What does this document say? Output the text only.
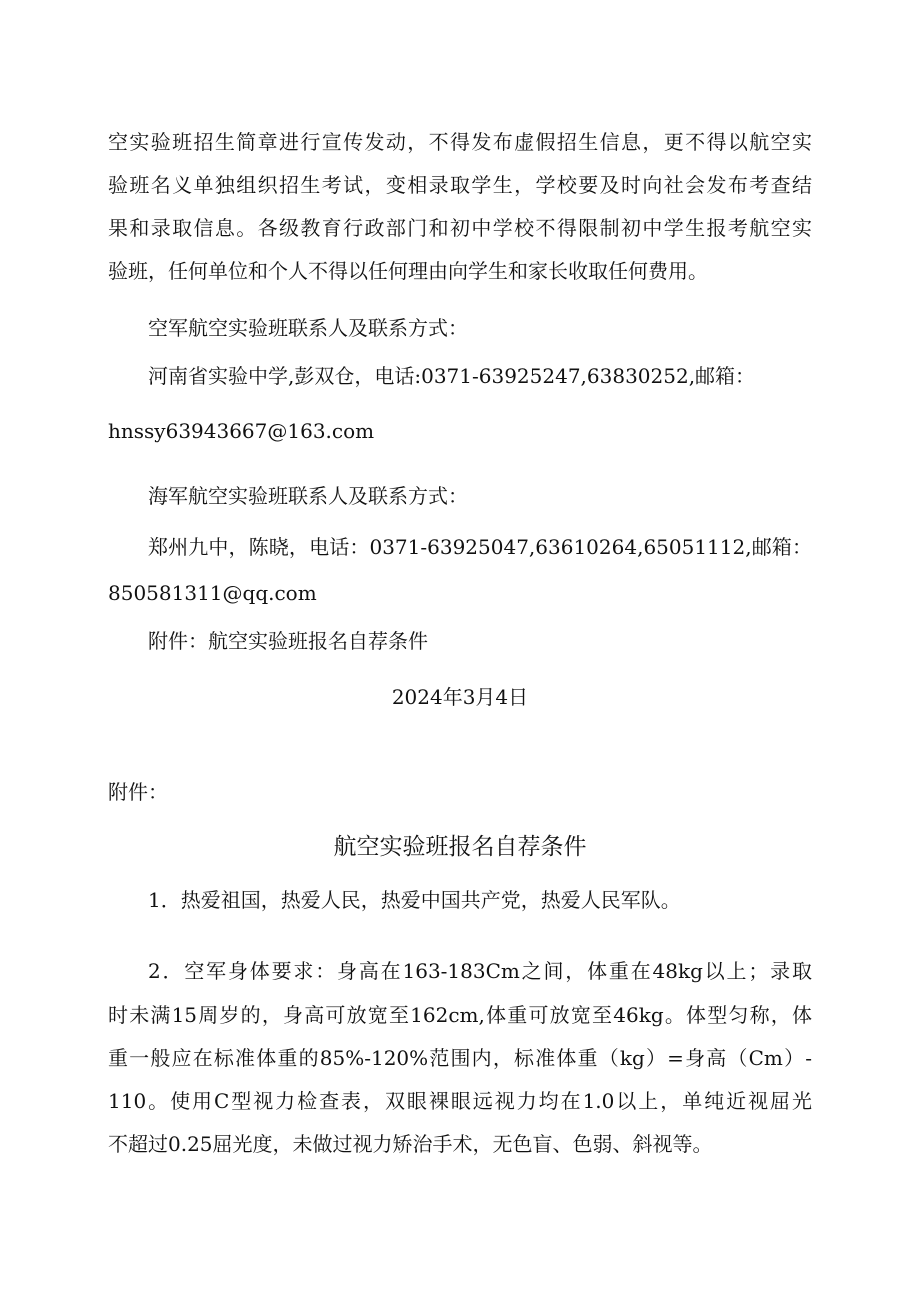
空实验班招生简章进行宣传发动，不得发布虚假招生信息，更不得以航空实
验班名义单独组织招生考试，变相录取学生，学校要及时向社会发布考查结
果和录取信息。各级教育行政部门和初中学校不得限制初中学生报考航空实
验班，任何单位和个人不得以任何理由向学生和家长收取任何费用。
空军航空实验班联系人及联系方式：
河南省实验中学,彭双仓，电话:0371-63925247,63830252,邮箱：
hnssy63943667@163.com
海军航空实验班联系人及联系方式：
郑州九中，陈晓，电话：0371-63925047,63610264,65051112,邮箱：
850581311@qq.com
附件：航空实验班报名自荐条件
2024年3月4日
附件：
航空实验班报名自荐条件
1．热爱祖国，热爱人民，热爱中国共产党，热爱人民军队。
2．空军身体要求：身高在163-183Cm之间，体重在48kg以上；录取
时未满15周岁的，身高可放宽至162cm,体重可放宽至46kg。体型匀称，体
重一般应在标准体重的85%-120%范围内，标准体重（kg）=身高（Cm）-
110。使用C型视力检查表，双眼裸眼远视力均在1.0以上，单纯近视屈光
不超过0.25屈光度，未做过视力矫治手术，无色盲、色弱、斜视等。
